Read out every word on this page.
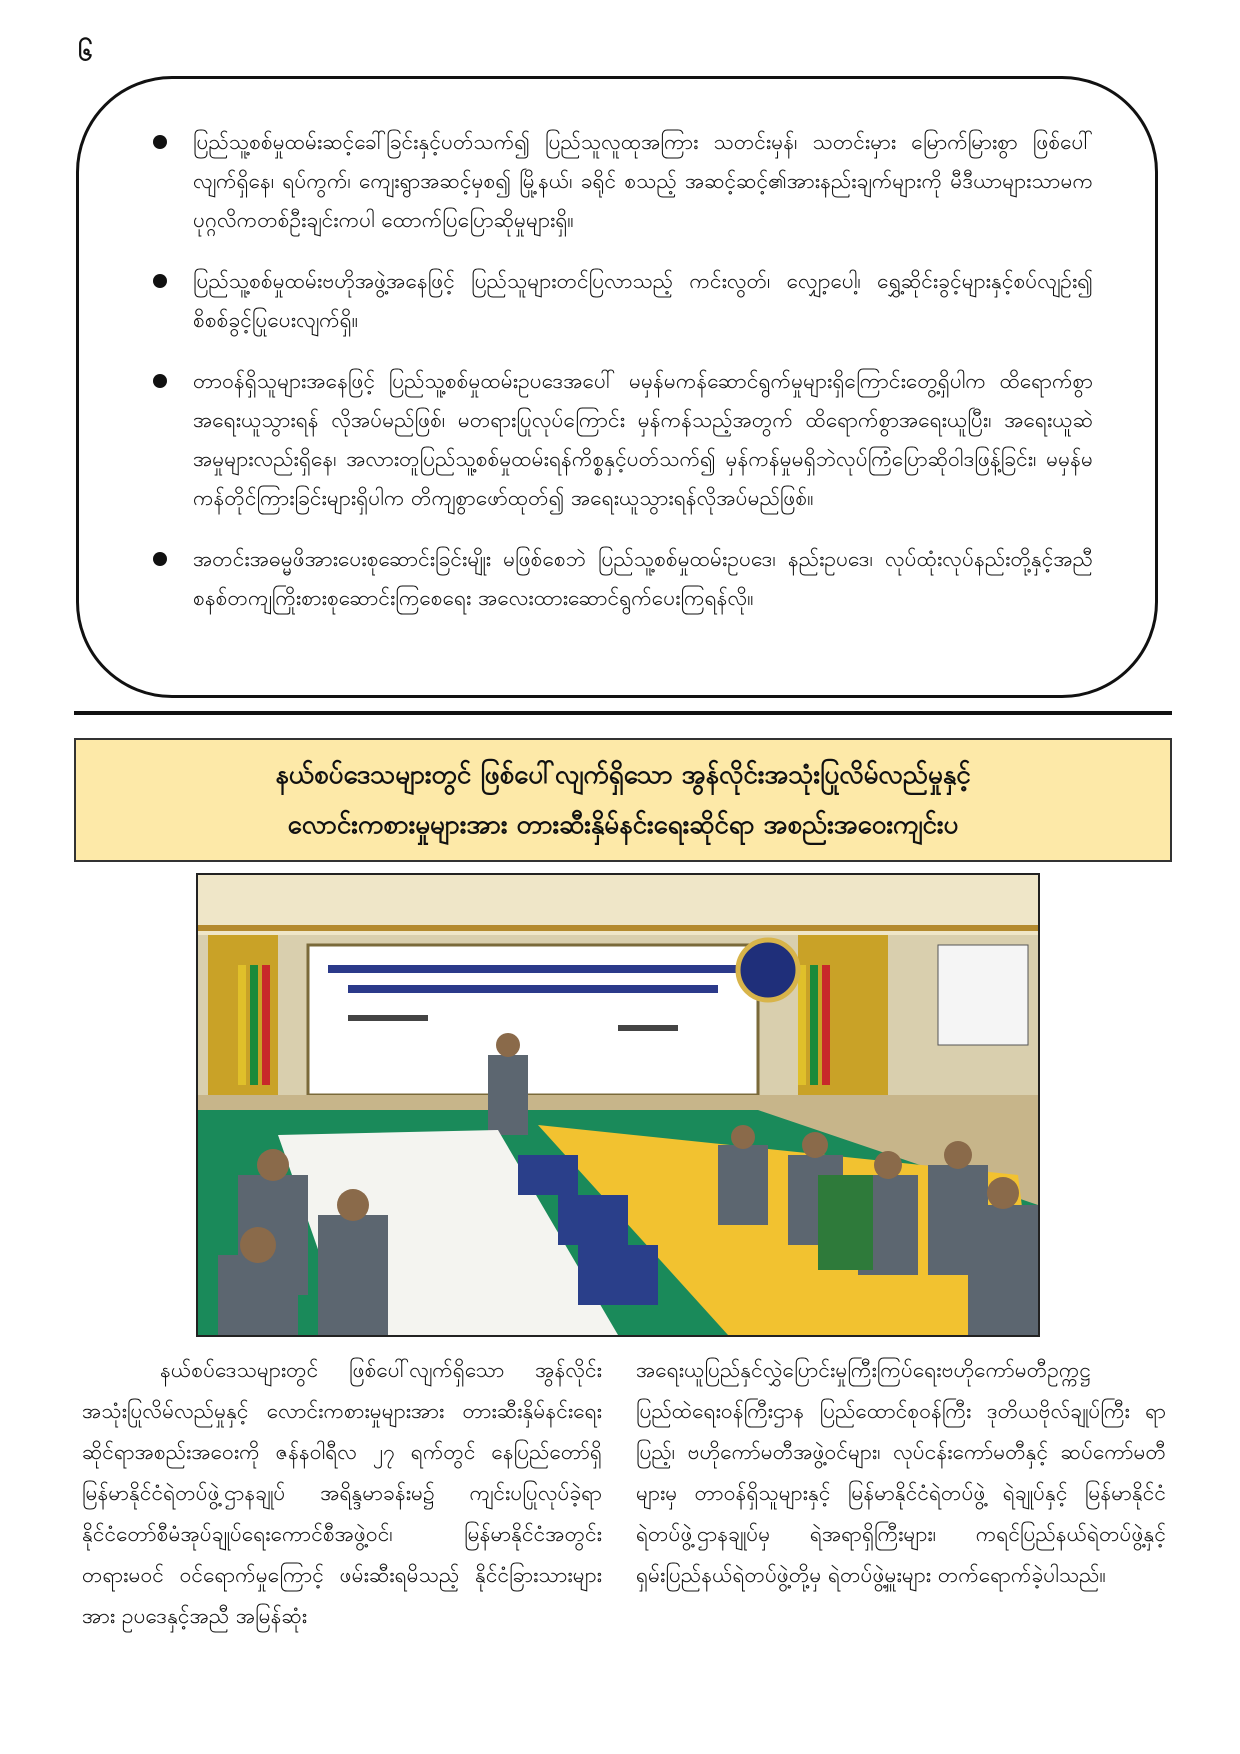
၆
ပြည်သူ့စစ်မှုထမ်းဆင့်ခေါ်ခြင်းနှင့်ပတ်သက်၍ ပြည်သူလူထုအကြား သတင်းမှန်၊ သတင်းမှား မြောက်မြားစွာ ဖြစ်ပေါ်လျက်ရှိနေ၊ ရပ်ကွက်၊ ကျေးရွာအဆင့်မှစ၍ မြို့နယ်၊ ခရိုင် စသည့် အဆင့်ဆင့်၏အားနည်းချက်များကို မီဒီယာများသာမက ပုဂ္ဂလိကတစ်ဦးချင်းကပါ ထောက်ပြပြောဆိုမှုများရှိ။
ပြည်သူ့စစ်မှုထမ်းဗဟိုအဖွဲ့အနေဖြင့် ပြည်သူများတင်ပြလာသည့် ကင်းလွတ်၊ လျှော့ပေါ့၊ ရွှေ့ဆိုင်းခွင့်များနှင့်စပ်လျဉ်း၍ စိစစ်ခွင့်ပြုပေးလျက်ရှိ။
တာဝန်ရှိသူများအနေဖြင့် ပြည်သူ့စစ်မှုထမ်းဥပဒေအပေါ် မမှန်မကန်ဆောင်ရွက်မှုများရှိကြောင်းတွေ့ရှိပါက ထိရောက်စွာအရေးယူသွားရန် လိုအပ်မည်ဖြစ်၊ မတရားပြုလုပ်ကြောင်း မှန်ကန်သည့်အတွက် ထိရောက်စွာအရေးယူပြီး၊ အရေးယူဆဲအမှုများလည်းရှိနေ၊ အလားတူပြည်သူ့စစ်မှုထမ်းရန်ကိစ္စနှင့်ပတ်သက်၍ မှန်ကန်မှုမရှိဘဲလုပ်ကြံပြောဆိုဝါဒဖြန့်ခြင်း၊ မမှန်မကန်တိုင်ကြားခြင်းများရှိပါက တိကျစွာဖော်ထုတ်၍ အရေးယူသွားရန်လိုအပ်မည်ဖြစ်။
အတင်းအဓမ္မဖိအားပေးစုဆောင်းခြင်းမျိုး မဖြစ်စေဘဲ ပြည်သူ့စစ်မှုထမ်းဥပဒေ၊ နည်းဥပဒေ၊ လုပ်ထုံးလုပ်နည်းတို့နှင့်အညီ စနစ်တကျကြိုးစားစုဆောင်းကြစေရေး အလေးထားဆောင်ရွက်ပေးကြရန်လို။
နယ်စပ်ဒေသများတွင် ဖြစ်ပေါ်လျက်ရှိသော အွန်လိုင်းအသုံးပြုလိမ်လည်မှုနှင့်
လောင်းကစားမှုများအား တားဆီးနှိမ်နင်းရေးဆိုင်ရာ အစည်းအဝေးကျင်းပ
နယ်စပ်ဒေသများတွင် ဖြစ်ပေါ်လျက်ရှိသော အွန်လိုင်းအသုံးပြုလိမ်လည်မှုနှင့် လောင်းကစားမှုများအား တားဆီးနှိမ်နင်းရေးဆိုင်ရာအစည်းအဝေးကို ဇန်နဝါရီလ ၂၇ ရက်တွင် နေပြည်တော်ရှိ မြန်မာနိုင်ငံရဲတပ်ဖွဲ့ဌာနချုပ် အရိန္ဒမာခန်းမ၌ ကျင်းပပြုလုပ်ခဲ့ရာ နိုင်ငံတော်စီမံအုပ်ချုပ်ရေးကောင်စီအဖွဲ့ဝင်၊ မြန်မာနိုင်ငံအတွင်း တရားမဝင် ဝင်ရောက်မှုကြောင့် ဖမ်းဆီးရမိသည့် နိုင်ငံခြားသားများအား ဥပဒေနှင့်အညီ အမြန်ဆုံး
အရေးယူပြည်နှင်လွှဲပြောင်းမှုကြီးကြပ်ရေးဗဟိုကော်မတီဥက္ကဋ္ဌ ပြည်ထဲရေးဝန်ကြီးဌာန ပြည်ထောင်စုဝန်ကြီး ဒုတိယဗိုလ်ချုပ်ကြီး ရာပြည့်၊ ဗဟိုကော်မတီအဖွဲ့ဝင်များ၊ လုပ်ငန်းကော်မတီနှင့် ဆပ်ကော်မတီများမှ တာဝန်ရှိသူများနှင့် မြန်မာနိုင်ငံရဲတပ်ဖွဲ့ ရဲချုပ်နှင့် မြန်မာနိုင်ငံရဲတပ်ဖွဲ့ဌာနချုပ်မှ ရဲအရာရှိကြီးများ၊ ကရင်ပြည်နယ်ရဲတပ်ဖွဲ့နှင့် ရှမ်းပြည်နယ်ရဲတပ်ဖွဲ့တို့မှ ရဲတပ်ဖွဲ့မှူးများ တက်ရောက်ခဲ့ပါသည်။
